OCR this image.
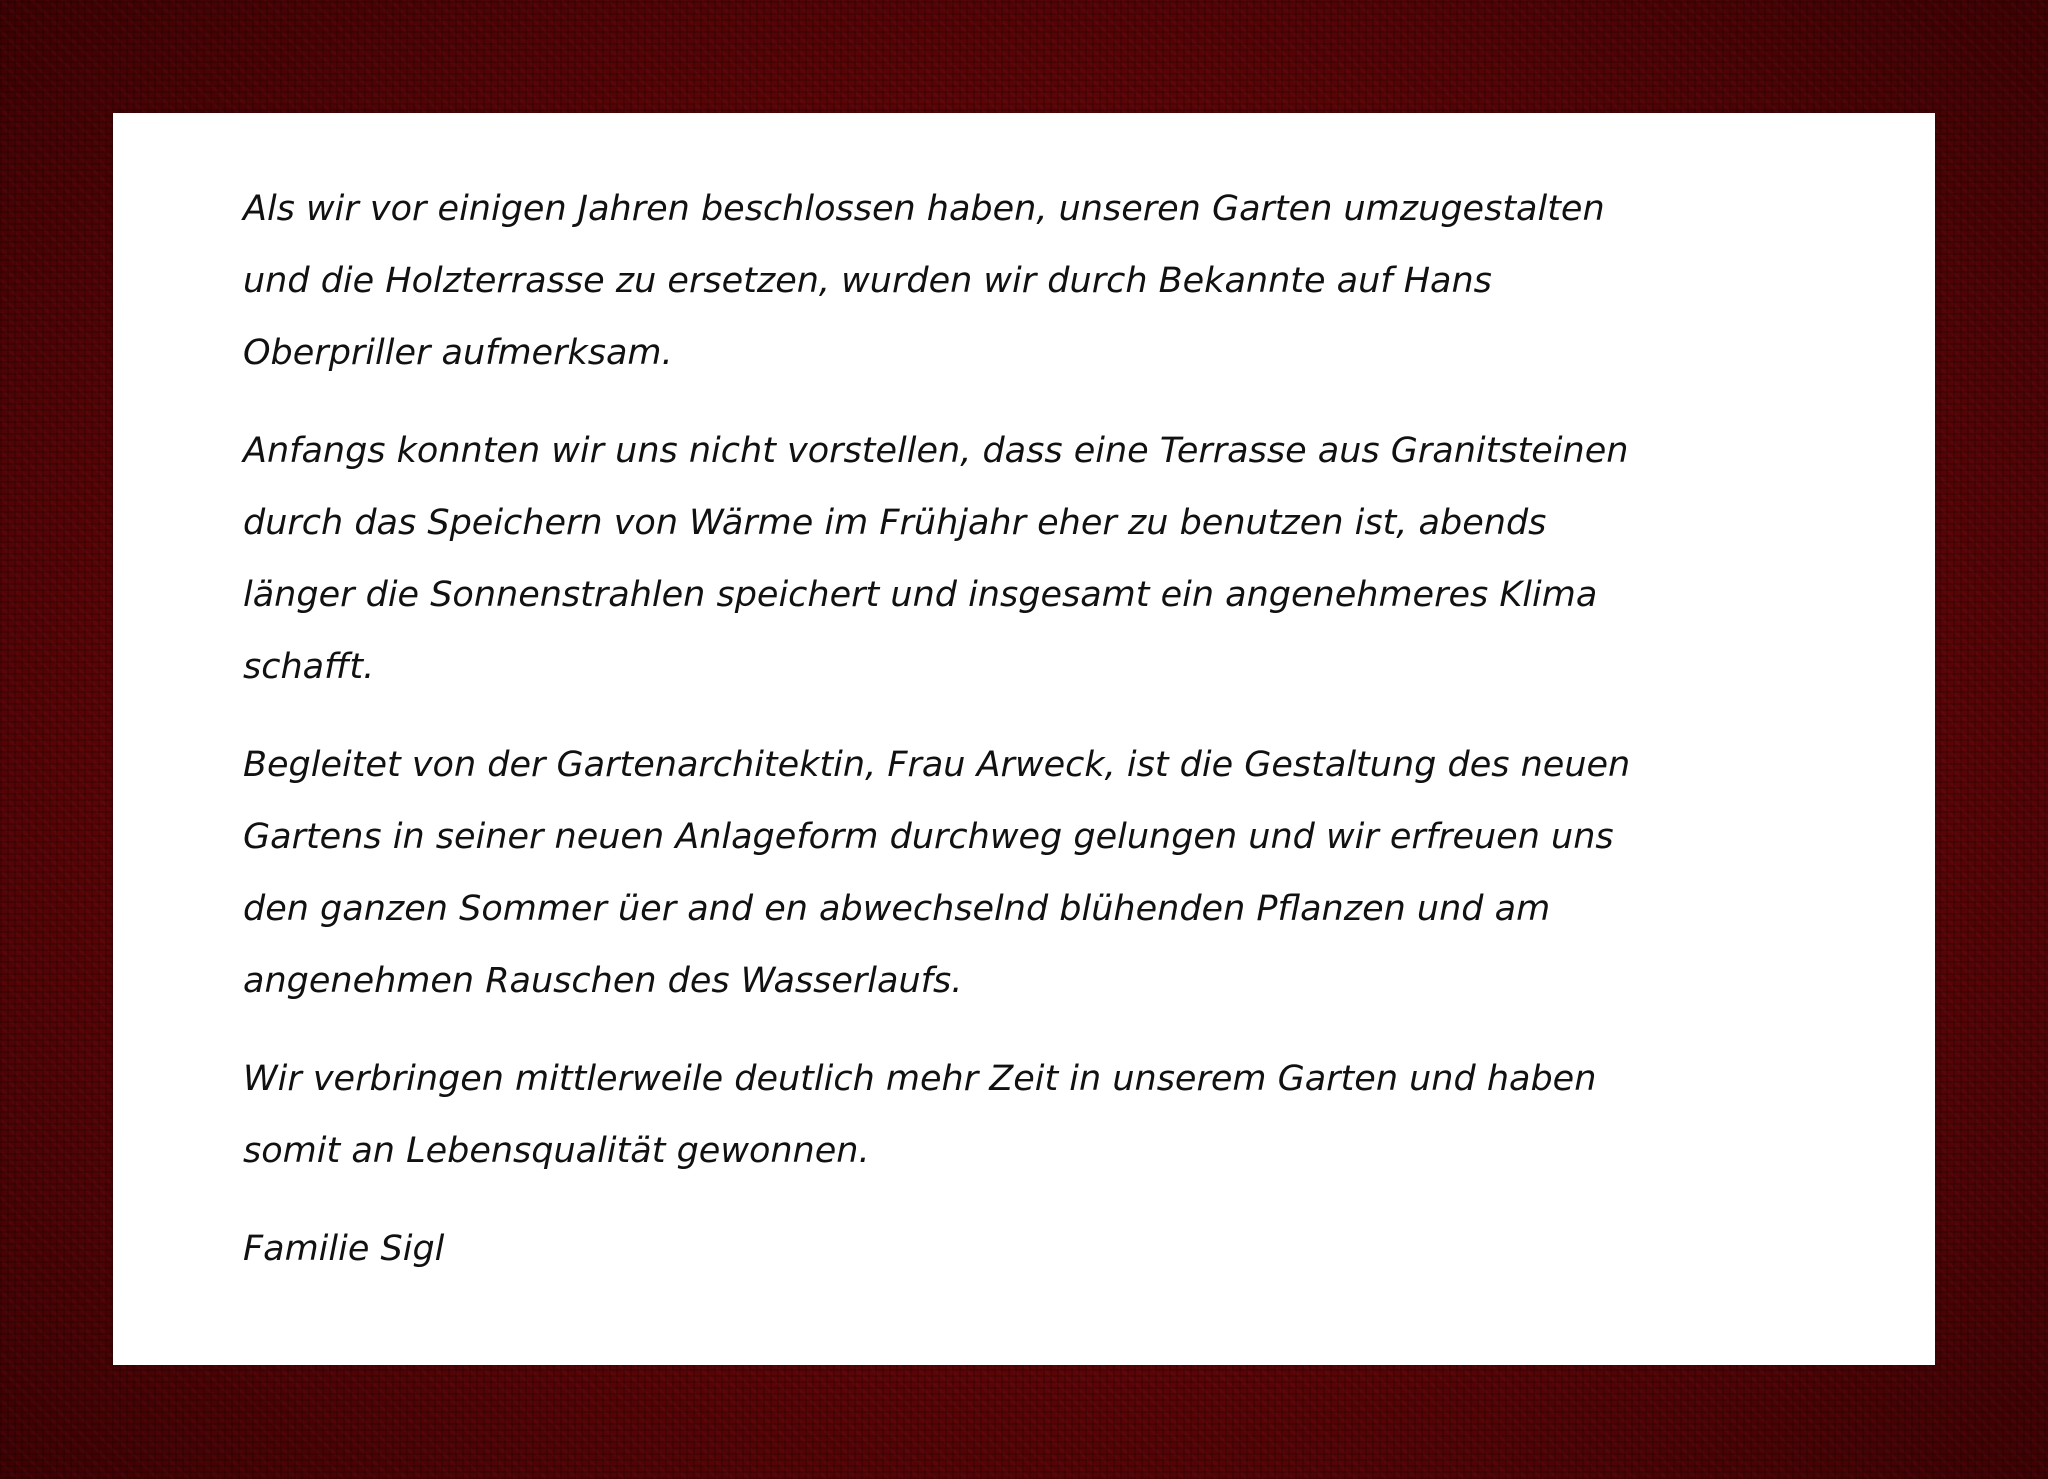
Als wir vor einigen Jahren beschlossen haben, unseren Garten umzugestalten
und die Holzterrasse zu ersetzen, wurden wir durch Bekannte auf Hans
Oberpriller aufmerksam.

Anfangs konnten wir uns nicht vorstellen, dass eine Terrasse aus Granitsteinen
durch das Speichern von Wärme im Frühjahr eher zu benutzen ist, abends
länger die Sonnenstrahlen speichert und insgesamt ein angenehmeres Klima
schafft.

Begleitet von der Gartenarchitektin, Frau Arweck, ist die Gestaltung des neuen
Gartens in seiner neuen Anlageform durchweg gelungen und wir erfreuen uns
den ganzen Sommer üer and en abwechselnd blühenden Pflanzen und am
angenehmen Rauschen des Wasserlaufs.

Wir verbringen mittlerweile deutlich mehr Zeit in unserem Garten und haben
somit an Lebensqualität gewonnen.

Familie Sigl
